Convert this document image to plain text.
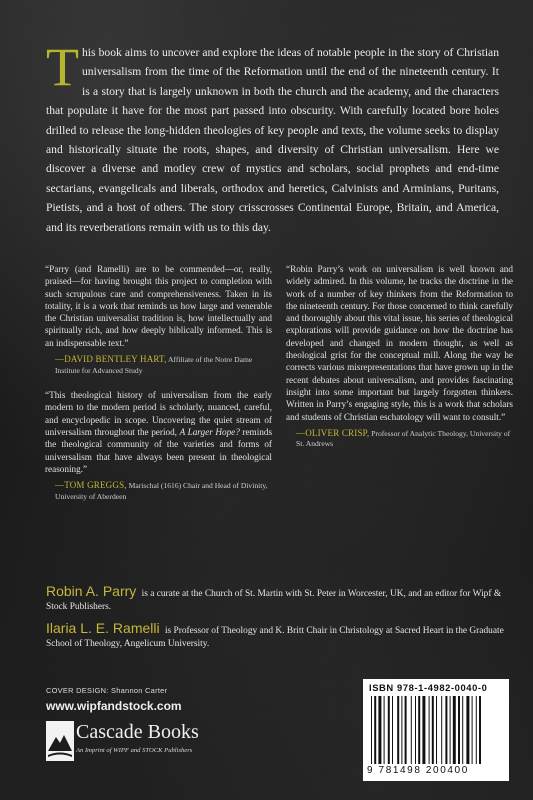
This book aims to uncover and explore the ideas of notable people in the story of Christian universalism from the time of the Reformation until the end of the nineteenth century. It is a story that is largely unknown in both the church and the academy, and the characters that populate it have for the most part passed into obscurity. With carefully located bore holes drilled to release the long-hidden theologies of key people and texts, the volume seeks to display and historically situate the roots, shapes, and diversity of Christian universalism. Here we discover a diverse and motley crew of mystics and scholars, social prophets and end-time sectarians, evangelicals and liberals, orthodox and heretics, Calvinists and Arminians, Puritans, Pietists, and a host of others. The story crisscrosses Continental Europe, Britain, and America, and its reverberations remain with us to this day.

“Parry (and Ramelli) are to be commended—or, really, praised—for having brought this project to completion with such scrupulous care and comprehensiveness. Taken in its totality, it is a work that reminds us how large and venerable the Christian universalist tradition is, how intellectually and spiritually rich, and how deeply biblically informed. This is an indispensable text.”

—DAVID BENTLEY HART, Affiliate of the Notre Dame Institute for Advanced Study

“This theological history of universalism from the early modern to the modern period is scholarly, nuanced, careful, and encyclopedic in scope. Uncovering the quiet stream of universalism throughout the period, A Larger Hope? reminds the theological community of the varieties and forms of universalism that have always been present in theological reasoning.”

—TOM GREGGS, Marischal (1616) Chair and Head of Divinity, University of Aberdeen

“Robin Parry’s work on universalism is well known and widely admired. In this volume, he tracks the doctrine in the work of a number of key thinkers from the Reformation to the nineteenth century. For those concerned to think carefully and thoroughly about this vital issue, his series of theological explorations will provide guidance on how the doctrine has developed and changed in modern thought, as well as theological grist for the conceptual mill. Along the way he corrects various misrepresentations that have grown up in the recent debates about universalism, and provides fascinating insight into some important but largely forgotten thinkers. Written in Parry’s engaging style, this is a work that scholars and students of Christian eschatology will want to consult.”

—OLIVER CRISP, Professor of Analytic Theology, University of St. Andrews
Robin A. Parry is a curate at the Church of St. Martin with St. Peter in Worcester, UK, and an editor for Wipf & Stock Publishers.
Ilaria L. E. Ramelli is Professor of Theology and K. Britt Chair in Christology at Sacred Heart in the Graduate School of Theology, Angelicum University.
COVER DESIGN: Shannon Carter
www.wipfandstock.com
Cascade Books
An Imprint of WIPF and STOCK Publishers
ISBN 978-1-4982-0040-0
9 781498 200400
